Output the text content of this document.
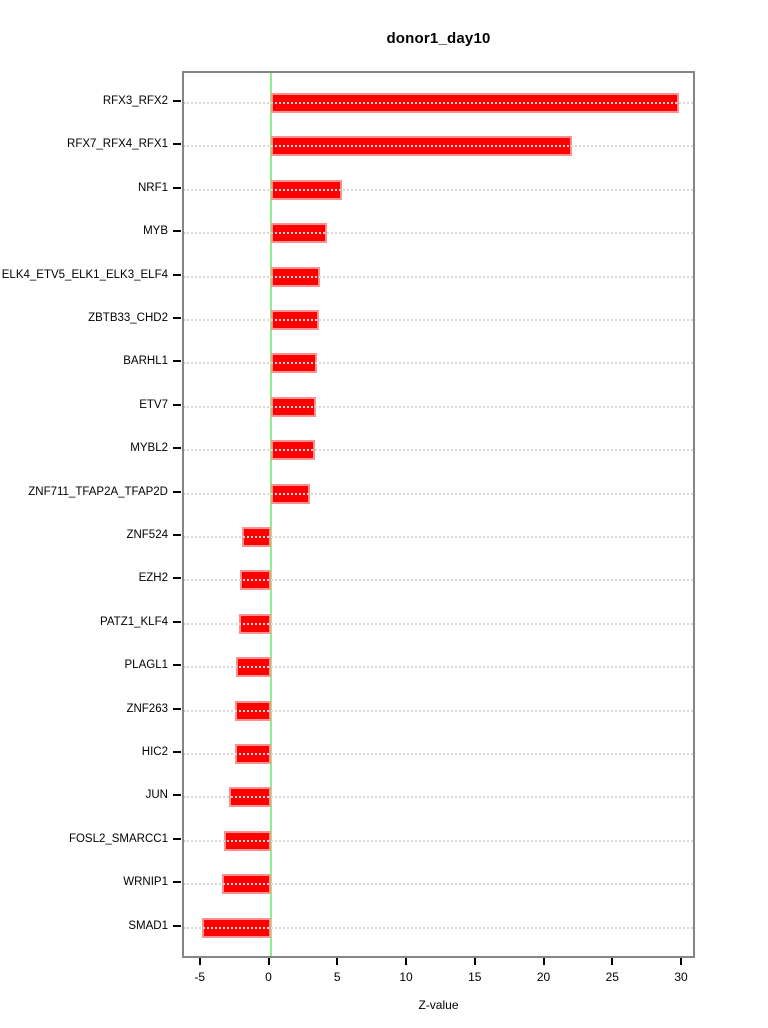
donor1_day10
RFX3_RFX2
RFX7_RFX4_RFX1
NRF1
MYB
ELK4_ETV5_ELK1_ELK3_ELF4
ZBTB33_CHD2
BARHL1
ETV7
MYBL2
ZNF711_TFAP2A_TFAP2D
ZNF524
EZH2
PATZ1_KLF4
PLAGL1
ZNF263
HIC2
JUN
FOSL2_SMARCC1
WRNIP1
SMAD1
-5	0	5	10	15	20	25	30
Z-value
